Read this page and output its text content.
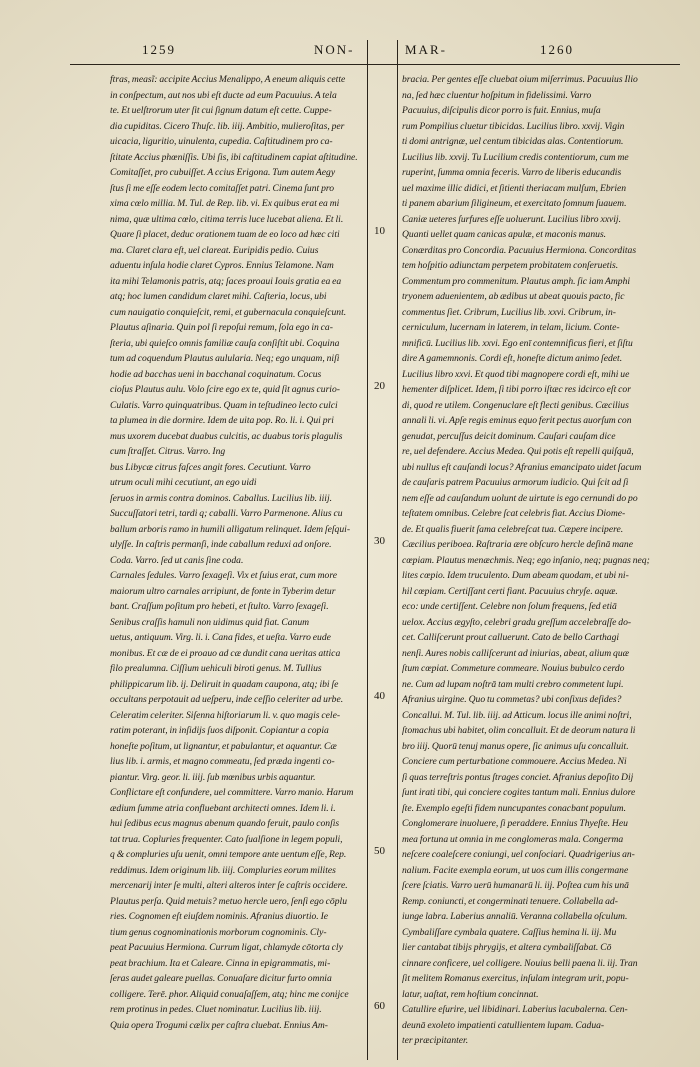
1259	NON-	MAR-	1260
ftras, measĩ: accipite Accius Menalippo, A eneum aliquis cette
in conſpectum, aut nos ubi eſt ducte ad eum Pacuuius. A tela
te. Et uelſtrorum uter ſit cui ſignum datum eſt cette. Cuppe-
dia cupiditas. Cicero Thuſc. lib. iiij. Ambitio, mulieroſitas, per
uicacia, liguritio, uinulenta, cupedia. Caſtitudinem pro ca-
ſtitate Accius phœniſſis. Ubi ſis, ibi caſtitudinem capiat aſtitudine.
Comitaſſet, pro cubuiſſet. A ccius Erigona. Tum autem Aegy
ſtus ſi me eſſe eodem lecto comitaſſet patri. Cinema ſunt pro
xima cœlo millia. M. Tul. de Rep. lib. vi. Ex quibus erat ea mi
nima, quæ ultima cœlo, citima terris luce lucebat aliena. Et li.
Quare ſi placet, deduc orationem tuam de eo loco ad hæc citi
ma. Claret clara eſt, uel clareat. Euripidis pedio. Cuius
aduentu inſula hodie claret Cypros. Ennius Telamone. Nam
ita mihi Telamonis patris, atq; ſaces proaui Iouis gratia ea ea
atq; hoc lumen candidum claret mihi. Caſteria, locus, ubi
cum nauigatio conquieſcit, remi, et gubernacula conquieſcunt.
Plautus aſinaria. Quin pol ſi repoſui remum, ſola ego in ca-
ſteria, ubi quieſco omnis familiæ cauſa conſiſtit ubi. Coquina
tum ad coquendum Plautus aulularia. Neq; ego unquam, niſi
hodie ad bacchas ueni in bacchanal coquinatum. Cocus
cioſus Plautus aulu. Volo ſcire ego ex te, quid ſit agnus curio-
Culatis. Varro quinquatribus. Quam in teſtudineo lecto culci
ta plumea in die dormire. Idem de uita pop. Ro. li. i. Qui pri
mus uxorem ducebat duabus culcitis, ac duabus toris plagulis
cum ſtraſſet. Citrus. Varro. Ing
bus Libycæ citrus faſces angit fores. Cecutiunt. Varro
utrum oculi mihi cecutiunt, an ego uidi
ſeruos in armis contra dominos. Caballus. Lucilius lib. iiij.
Succuſſatori tetri, tardi q; caballi. Varro Parmenone. Alius cu
ballum arboris ramo in humili alligatum relinquet. Idem ſeſqui-
ulyſſe. In caſtris permanſi, inde caballum reduxi ad onſore.
Coda. Varro. ſed ut canis ſine coda.
Carnales ſedules. Varro ſexageſi. Vix et ſuius erat, cum more
maiorum ultro carnales arripiunt, de fonte in Tyberim detur
bant. Craſſum poſitum pro hebeti, et ſtulto. Varro ſexageſi.
Senibus craſſis hamuli non uidimus quid fiat. Canum
uetus, antiquum. Virg. li. i. Cana fides, et ueſta. Varro eude
monibus. Et cæ de ei proauo ad cæ dundit cana ueritas attica
filo prealumna. Ciſſium uehiculi biroti genus. M. Tullius
philippicarum lib. ij. Deliruit in quadam caupona, atq; ibi ſe
occultans perpotauit ad ueſperu, inde ceſſio celeriter ad urbe.
Celeratim celeriter. Siſenna hiſtoriarum li. v. quo magis cele-
ratim poterant, in inſidijs ſuos diſponit. Copiantur a copia
honeſte poſitum, ut lignantur, et pabulantur, et aquantur. Cæ
lius lib. i. armis, et magno commeatu, ſed præda ingenti co-
piantur. Virg. geor. li. iiij. ſub mœnibus urbis aquantur.
Conflictare eſt confundere, uel committere. Varro manio. Harum
ædium ſumme atria confluebant architecti omnes. Idem li. i.
hui ſedibus ecus magnus abenum quando feruit, paulo conſis
tat trua. Copluries frequenter. Cato ſualſione in legem populi,
q & compluries uſu uenit, omni tempore ante uentum eſſe, Rep.
reddimus. Idem originum lib. iiij. Compluries eorum milites
mercenarij inter ſe multi, alteri alteros inter ſe caſtris occidere.
Plautus perſa. Quid metuis? metuo hercle uero, ſenſi ego cōplu
ries. Cognomen eſt eiuſdem nominis. Afranius diuortio. Ie
tium genus cognominationis morborum cognominis. Cly-
peat Pacuuius Hermiona. Currum ligat, chlamyde cōtorta cly
peat brachium. Ita et Caleare. Cinna in epigrammatis, mi-
ſeras audet galeare puellas. Conuaſare dicitur furto omnia
colligere. Terē. phor. Aliquid conuaſaſſem, atq; hinc me conijce
rem protinus in pedes. Cluet nominatur. Lucilius lib. iiij.
Quia opera Trogumi cælix per caſtra cluebat. Ennius Am-
10
20
30
40
50
60
bracia. Per gentes eſſe cluebat oium miſerrimus. Pacuuius Ilio
na, ſed hæc cluentur hoſpitum in fidelissimi. Varro
Pacuuius, diſcipulis dicor porro is fuit. Ennius, muſa
rum Pompilius cluetur tibicidas. Lucilius libro. xxvij. Vigin
ti domi antrignæ, uel centum tibicidas alas. Contentiorum.
Lucilius lib. xxvij. Tu Lucilium credis contentiorum, cum me
ruperint, ſumma omnia feceris. Varro de liberis educandis
uel maxime illic didici, et ſitienti theriacam mulſum, Ebrien
ti panem abarium ſiligineum, et exercitato ſomnum ſuauem.
Caniæ ueteres ſurfures eſſe uoluerunt. Lucilius libro xxvij.
Quanti uellet quam canicas apulæ, et maconis manus.
Conærditas pro Concordia. Pacuuius Hermiona. Concorditas
tem hoſpitio adiunctam perpetem probitatem conſeruetis.
Commentum pro commenitum. Plautus amph. ſic iam Amphi
tryonem aduenientem, ab ædibus ut abeat quouis pacto, fic
commentus ſiet. Cribrum, Lucilius lib. xxvi. Cribrum, in-
cerniculum, lucernam in laterem, in telam, licium. Conte-
mnificū. Lucilius lib. xxvi. Ego enī contemnificus fieri, et ſiſtu
dire A gamemnonis. Cordi eſt, honeſte dictum animo ſedet.
Lucilius libro xxvi. Et quod tibi magnopere cordi eſt, mihi ue
hementer diſplicet. Idem, ſi tibi porro iſtæc res idcirco eſt cor
di, quod re utilem. Congenuclare eſt flecti genibus. Cæcilius
annali li. vi. Apſe regis eminus equo ferit pectus auorſum con
genudat, percuſſus deicit dominum. Cauſari cauſam dice
re, uel defendere. Accius Medea. Qui potis eſt repelli quiſquā,
ubi nullus eſt cauſandi locus? Afranius emancipato uidet ſacum
de cauſaris patrem Pacuuius armorum iudicio. Qui ſcit ad ſi
nem eſſe ad cauſandum uolunt de uirtute is ego cernundi do po
teſtatem omnibus. Celebre ſcat celebris fiat. Accius Diome-
de. Et qualis fiuerit ſama celebreſcat tua. Cæpere incipere.
Cæcilius periboea. Raſtraria ære obſcuro hercle deſinā mane
cœpiam. Plautus menæchmis. Neq; ego inſanio, neq; pugnas neq;
lites cœpio. Idem truculento. Dum abeam quodam, et ubi ni-
hil cœpiam. Certiſſant certi fiant. Pacuuius chryſe. aquæ.
eco: unde certiſſent. Celebre non ſolum frequens, ſed etiā
uelox. Accius ægyſto, celebri gradu greſſum accelebraſſe do-
cet. Calliſcerunt prout calluerunt. Cato de bello Carthagi
nenſi. Aures nobis calliſcerunt ad iniurias, abeat, alium quæ
ſtum cœpiat. Commeture commeare. Nouius bubulco cerdo
ne. Cum ad lupam noſtrā tam multi crebro commetent lupi.
Afranius uirgine. Quo tu commetas? ubi conſixus deſides?
Concallui. M. Tul. lib. iiij. ad Atticum. locus ille animi noſtri,
ſtomachus ubi habitet, olim concalluit. Et de deorum natura li
bro iiij. Quorū tenuj manus opere, ſic animus uſu concalluit.
Conciere cum perturbatione commouere. Accius Medea. Ni
ſi quas terreſtris pontus ſtrages conciet. Afranius depoſito Dij
ſunt irati tibi, qui conciere cogites tantum mali. Ennius dulore
ſte. Exemplo egeſti fidem nuncupantes conacbant populum.
Conglomerare inuoluere, ſi peraddere. Ennius Thyeſte. Heu
mea fortuna ut omnia in me conglomeras mala. Congerma
neſcere coaleſcere coniungi, uel conſociari. Quadrigerius an-
nalium. Facite exempla eorum, ut uos cum illis congermane
ſcere ſciatis. Varro uerū humanarū li. iij. Poſtea cum his unā
Remp. coniuncti, et congerminati tenuere. Collabella ad-
iunge labra. Laberius annaliū. Veranna collabella oſculum.
Cymbaliſſare cymbala quatere. Caſſius hemina li. iij. Mu
lier cantabat tibijs phrygijs, et altera cymbaliſſabat. Cō
cinnare conficere, uel colligere. Nouius belli paena li. iij. Tran
ſit melitem Romanus exercitus, inſulam integram urit, popu-
latur, uaſtat, rem hoſtium concinnat.
Catullire eſurire, uel libidinari. Laberius lacubalerna. Cen-
deunā exoleto impatienti catullientem lupam. Cadua-
ter præcipitanter.
